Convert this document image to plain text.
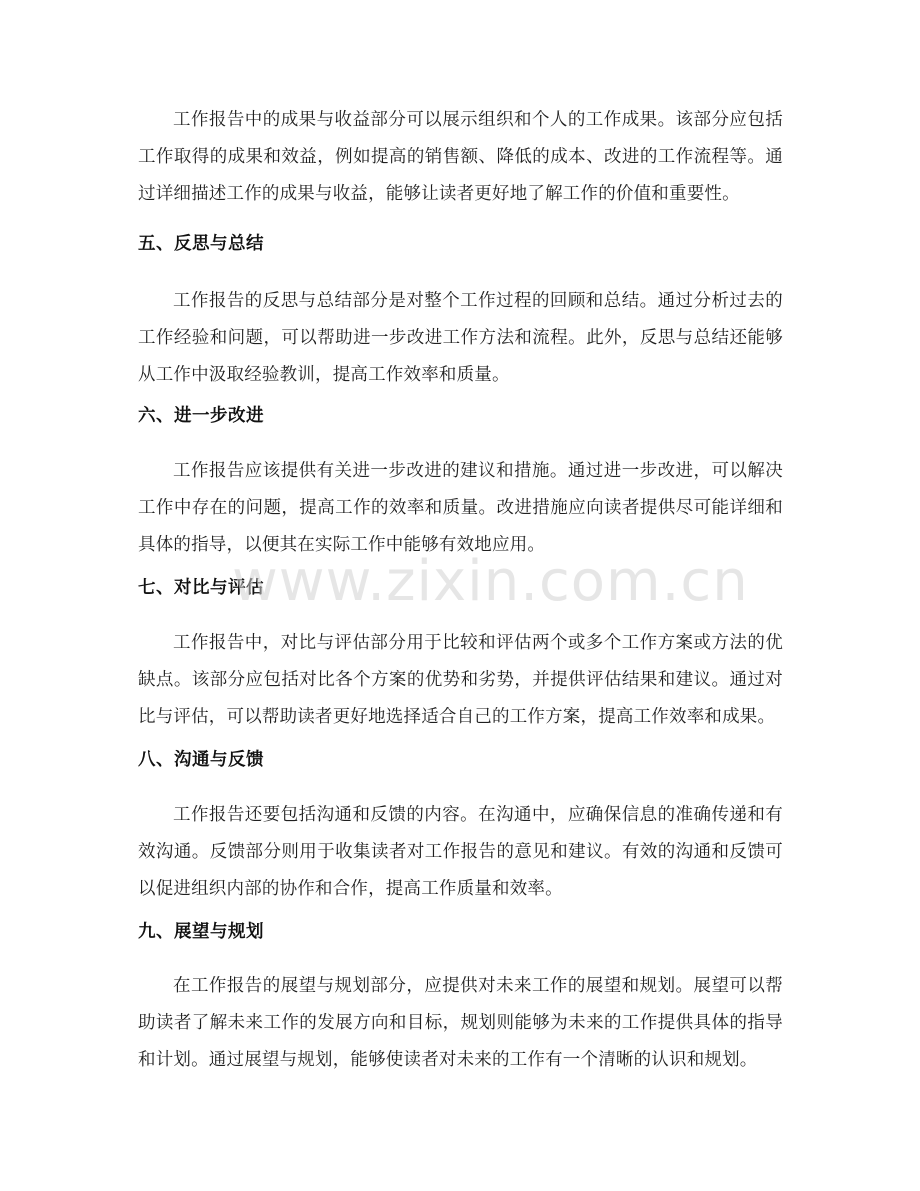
工作报告中的成果与收益部分可以展示组织和个人的工作成果。该部分应包括工作取得的成果和效益，例如提高的销售额、降低的成本、改进的工作流程等。通过详细描述工作的成果与收益，能够让读者更好地了解工作的价值和重要性。

五、反思与总结

工作报告的反思与总结部分是对整个工作过程的回顾和总结。通过分析过去的工作经验和问题，可以帮助进一步改进工作方法和流程。此外，反思与总结还能够从工作中汲取经验教训，提高工作效率和质量。

六、进一步改进

工作报告应该提供有关进一步改进的建议和措施。通过进一步改进，可以解决工作中存在的问题，提高工作的效率和质量。改进措施应向读者提供尽可能详细和具体的指导，以便其在实际工作中能够有效地应用。

七、对比与评估

工作报告中，对比与评估部分用于比较和评估两个或多个工作方案或方法的优缺点。该部分应包括对比各个方案的优势和劣势，并提供评估结果和建议。通过对比与评估，可以帮助读者更好地选择适合自己的工作方案，提高工作效率和成果。

八、沟通与反馈

工作报告还要包括沟通和反馈的内容。在沟通中，应确保信息的准确传递和有效沟通。反馈部分则用于收集读者对工作报告的意见和建议。有效的沟通和反馈可以促进组织内部的协作和合作，提高工作质量和效率。

九、展望与规划

在工作报告的展望与规划部分，应提供对未来工作的展望和规划。展望可以帮助读者了解未来工作的发展方向和目标，规划则能够为未来的工作提供具体的指导和计划。通过展望与规划，能够使读者对未来的工作有一个清晰的认识和规划。

www.zixin.com.cn
